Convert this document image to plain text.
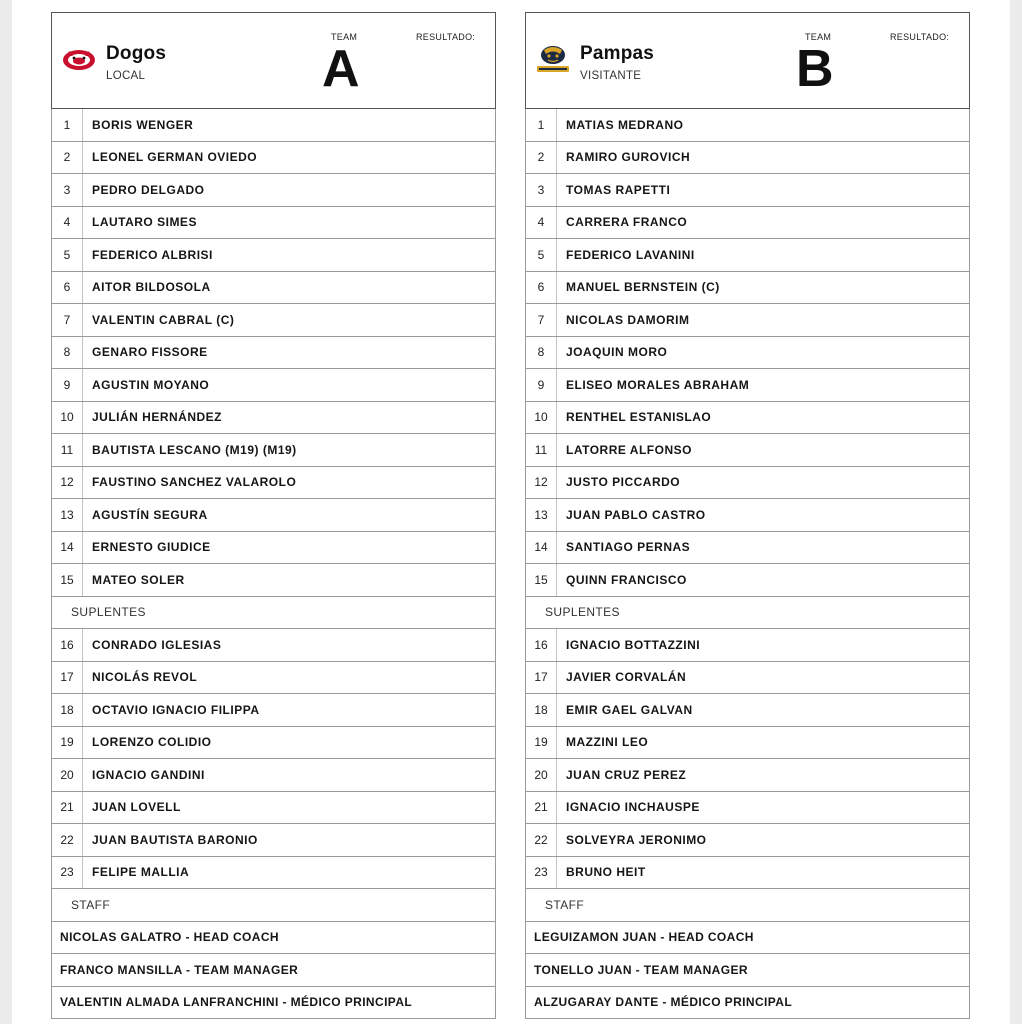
Dogos
LOCAL
TEAM	RESULTADO:
A
1	BORIS WENGER
2	LEONEL GERMAN OVIEDO
3	PEDRO DELGADO
4	LAUTARO SIMES
5	FEDERICO ALBRISI
6	AITOR BILDOSOLA
7	VALENTIN CABRAL (C)
8	GENARO FISSORE
9	AGUSTIN MOYANO
10	JULIÁN HERNÁNDEZ
11	BAUTISTA LESCANO (M19) (M19)
12	FAUSTINO SANCHEZ VALAROLO
13	AGUSTÍN SEGURA
14	ERNESTO GIUDICE
15	MATEO SOLER
SUPLENTES
16	CONRADO IGLESIAS
17	NICOLÁS REVOL
18	OCTAVIO IGNACIO FILIPPA
19	LORENZO COLIDIO
20	IGNACIO GANDINI
21	JUAN LOVELL
22	JUAN BAUTISTA BARONIO
23	FELIPE MALLIA
STAFF
NICOLAS GALATRO - HEAD COACH
FRANCO MANSILLA - TEAM MANAGER
VALENTIN ALMADA LANFRANCHINI - MÉDICO PRINCIPAL
Pampas
VISITANTE
TEAM	RESULTADO:
B
1	MATIAS MEDRANO
2	RAMIRO GUROVICH
3	TOMAS RAPETTI
4	CARRERA FRANCO
5	FEDERICO LAVANINI
6	MANUEL BERNSTEIN (C)
7	NICOLAS DAMORIM
8	JOAQUIN MORO
9	ELISEO MORALES ABRAHAM
10	RENTHEL ESTANISLAO
11	LATORRE ALFONSO
12	JUSTO PICCARDO
13	JUAN PABLO CASTRO
14	SANTIAGO PERNAS
15	QUINN FRANCISCO
SUPLENTES
16	IGNACIO BOTTAZZINI
17	JAVIER CORVALÁN
18	EMIR GAEL GALVAN
19	MAZZINI LEO
20	JUAN CRUZ PEREZ
21	IGNACIO INCHAUSPE
22	SOLVEYRA JERONIMO
23	BRUNO HEIT
STAFF
LEGUIZAMON JUAN - HEAD COACH
TONELLO JUAN - TEAM MANAGER
ALZUGARAY DANTE - MÉDICO PRINCIPAL
